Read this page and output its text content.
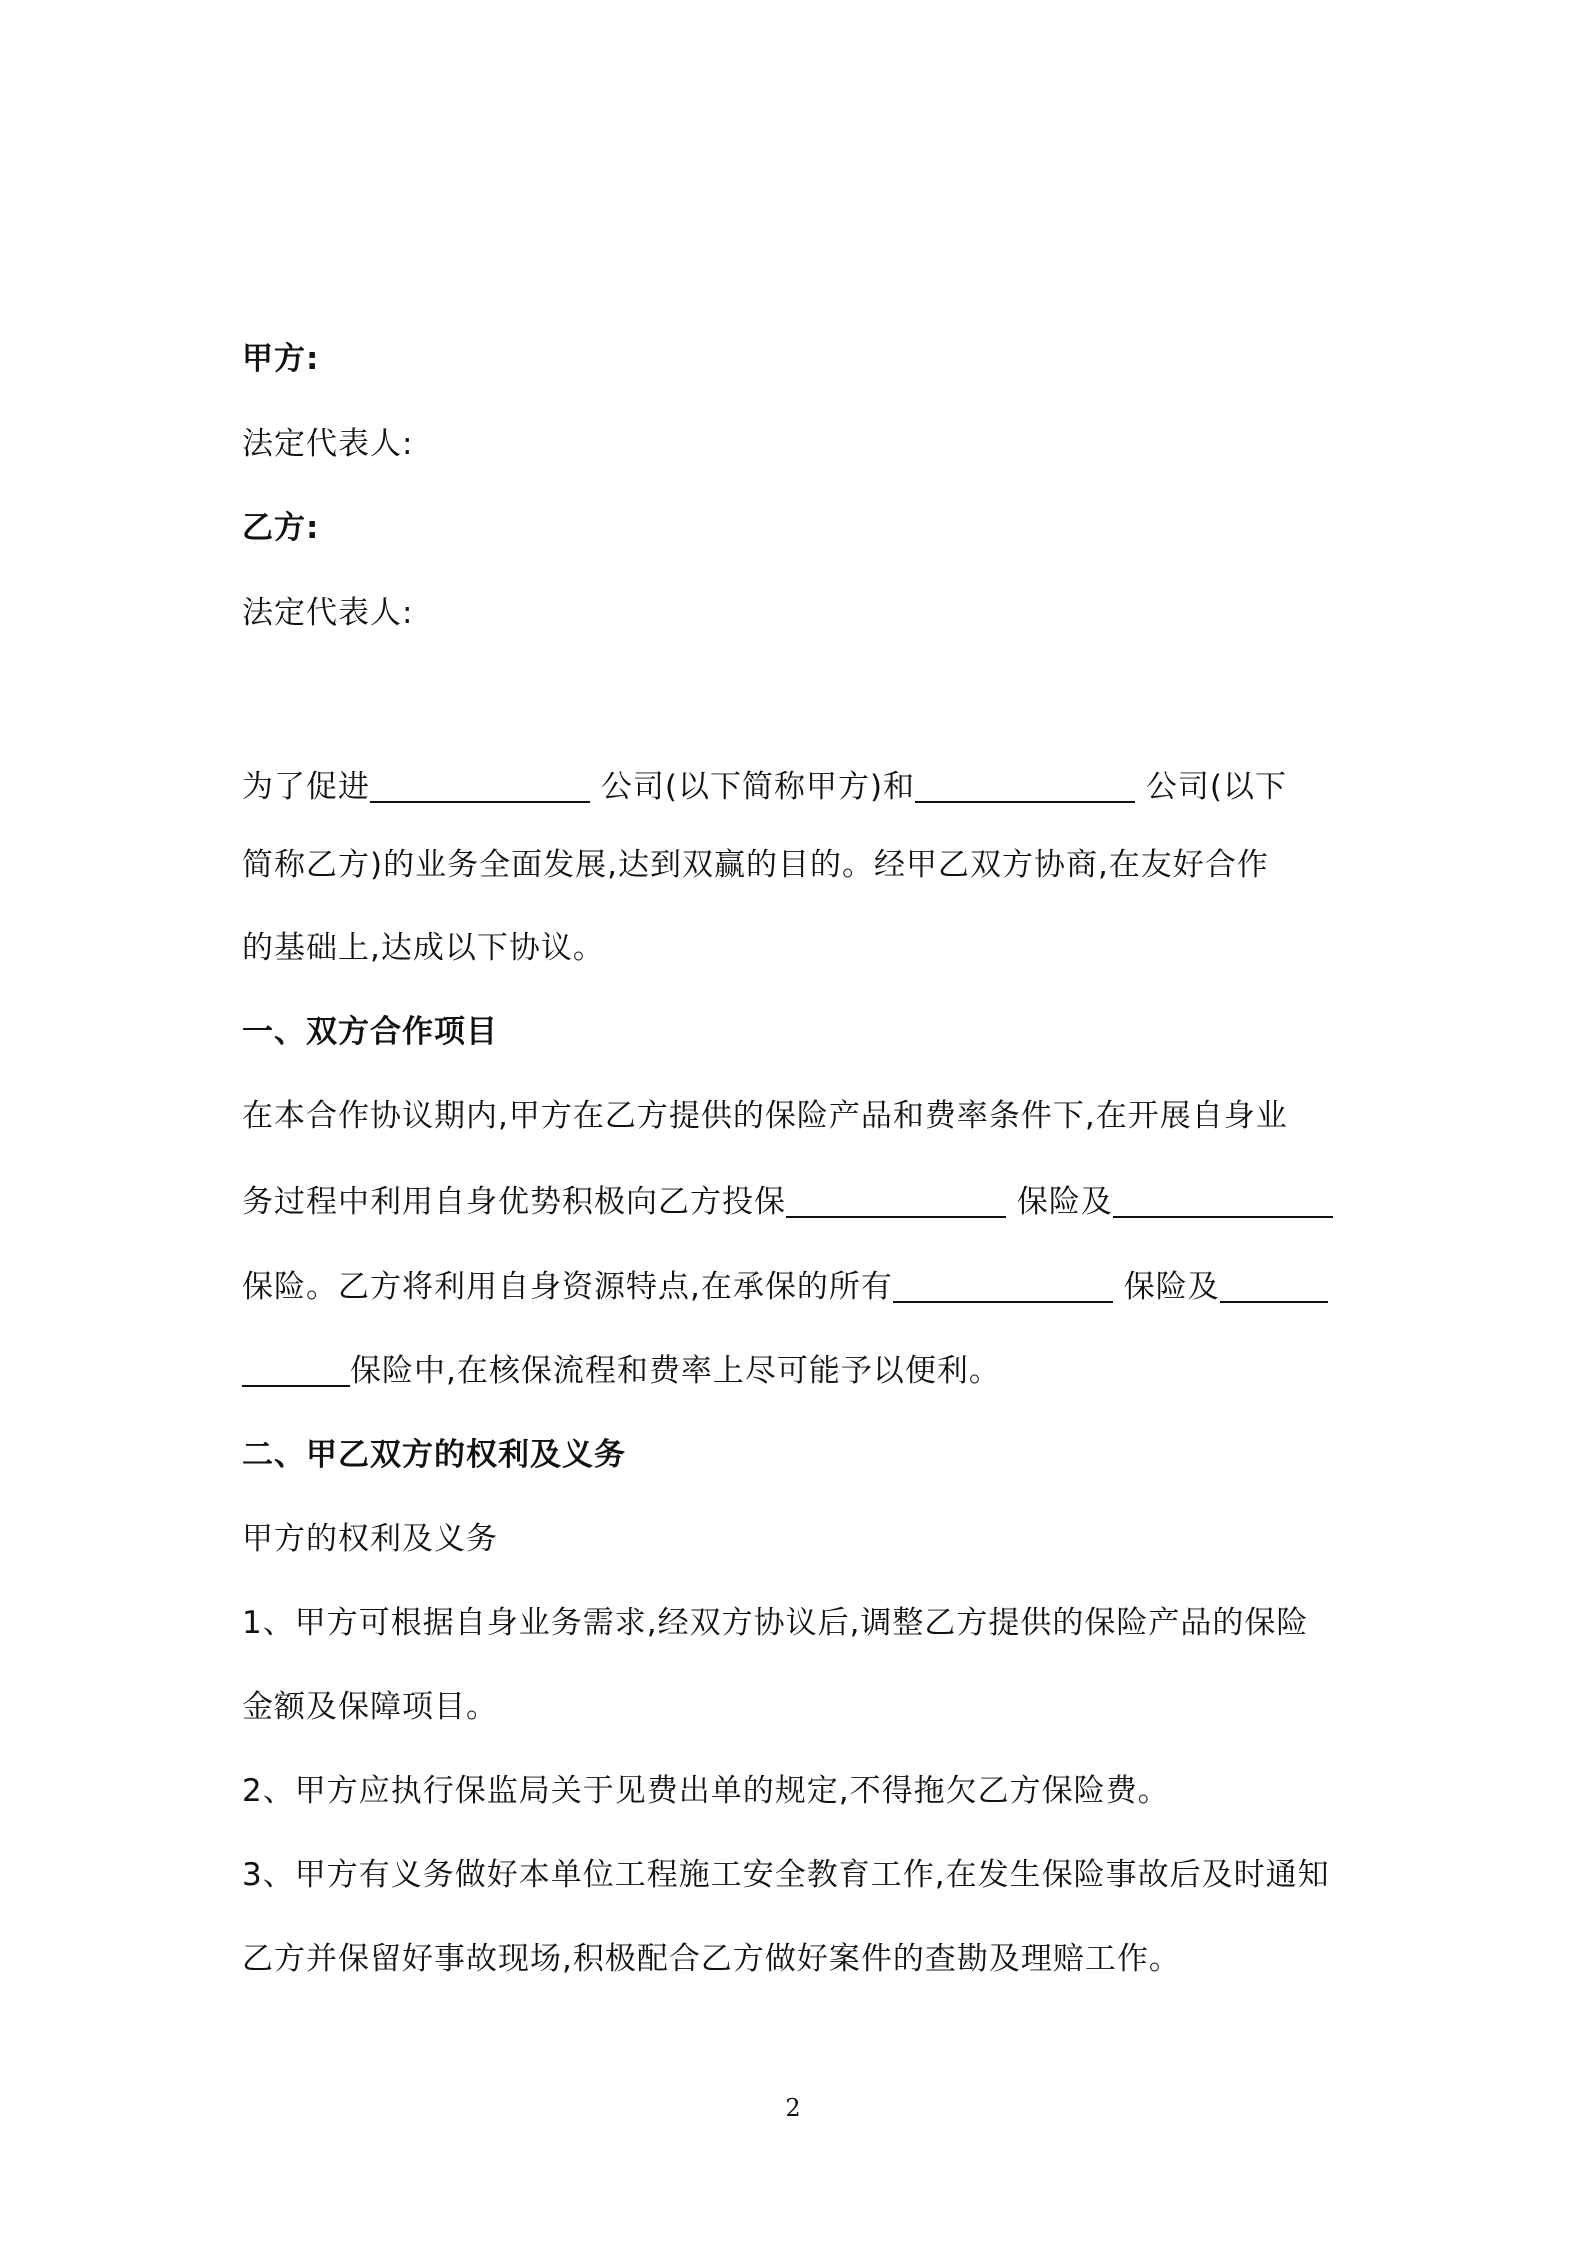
甲方:
法定代表人:
乙方:
法定代表人:
为了促进	公司(以下简称甲方)和	公司(以下
简称乙方)的业务全面发展,达到双赢的目的。经甲乙双方协商,在友好合作
的基础上,达成以下协议。
一、双方合作项目
在本合作协议期内,甲方在乙方提供的保险产品和费率条件下,在开展自身业
务过程中利用自身优势积极向乙方投保	保险及
保险。乙方将利用自身资源特点,在承保的所有	保险及
保险中,在核保流程和费率上尽可能予以便利。
二、甲乙双方的权利及义务
甲方的权利及义务
1、甲方可根据自身业务需求,经双方协议后,调整乙方提供的保险产品的保险
金额及保障项目。
2、甲方应执行保监局关于见费出单的规定,不得拖欠乙方保险费。
3、甲方有义务做好本单位工程施工安全教育工作,在发生保险事故后及时通知
乙方并保留好事故现场,积极配合乙方做好案件的查勘及理赔工作。
2
